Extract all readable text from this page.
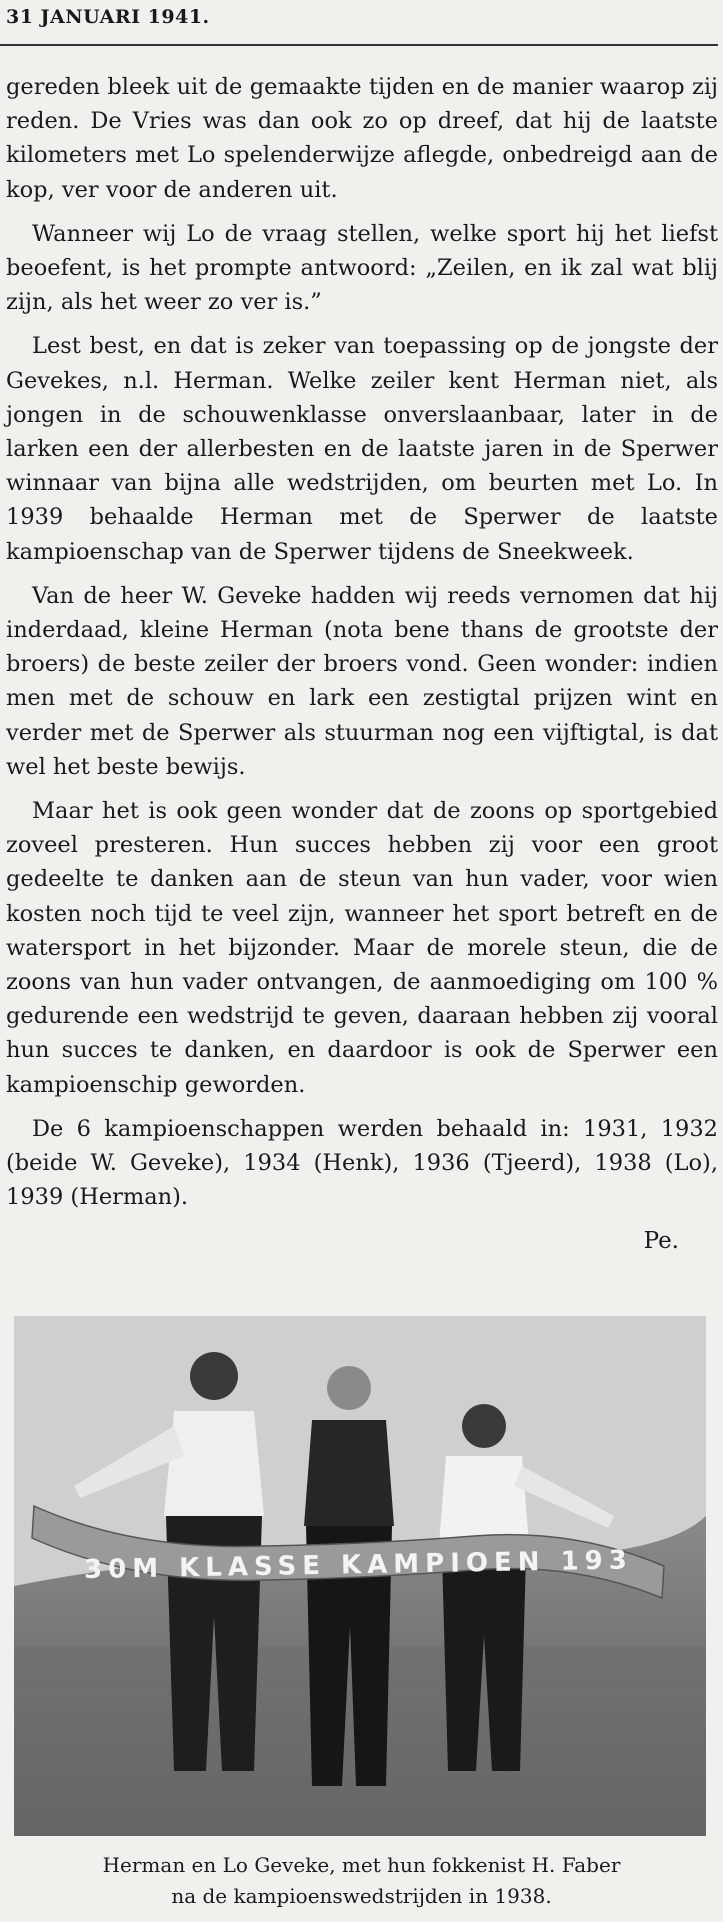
31 JANUARI 1941.

gereden bleek uit de gemaakte tijden en de manier waarop zij reden. De Vries was dan ook zo op dreef, dat hij de laatste kilometers met Lo spelenderwijze aflegde, onbedreigd aan de kop, ver voor de anderen uit.

Wanneer wij Lo de vraag stellen, welke sport hij het liefst beoefent, is het prompte antwoord: „Zeilen, en ik zal wat blij zijn, als het weer zo ver is.”

Lest best, en dat is zeker van toepassing op de jongste der Gevekes, n.l. Herman. Welke zeiler kent Herman niet, als jongen in de schouwenklasse onverslaanbaar, later in de larken een der allerbesten en de laatste jaren in de Sperwer winnaar van bijna alle wedstrijden, om beurten met Lo. In 1939 behaalde Herman met de Sperwer de laatste kampioenschap van de Sperwer tijdens de Sneekweek.

Van de heer W. Geveke hadden wij reeds vernomen dat hij inderdaad, kleine Herman (nota bene thans de grootste der broers) de beste zeiler der broers vond. Geen wonder: indien men met de schouw en lark een zestigtal prijzen wint en verder met de Sperwer als stuurman nog een vijftigtal, is dat wel het beste bewijs.

Maar het is ook geen wonder dat de zoons op sportgebied zoveel presteren. Hun succes hebben zij voor een groot gedeelte te danken aan de steun van hun vader, voor wien kosten noch tijd te veel zijn, wanneer het sport betreft en de watersport in het bijzonder. Maar de morele steun, die de zoons van hun vader ontvangen, de aanmoediging om 100 % gedurende een wedstrijd te geven, daaraan hebben zij vooral hun succes te danken, en daardoor is ook de Sperwer een kampioenschip geworden.

De 6 kampioenschappen werden behaald in: 1931, 1932 (beide W. Geveke), 1934 (Henk), 1936 (Tjeerd), 1938 (Lo), 1939 (Herman).

Pe.
30M KLASSE KAMPIOEN 193
Herman en Lo Geveke, met hun fokkenist H. Faber
na de kampioenswedstrijden in 1938.
